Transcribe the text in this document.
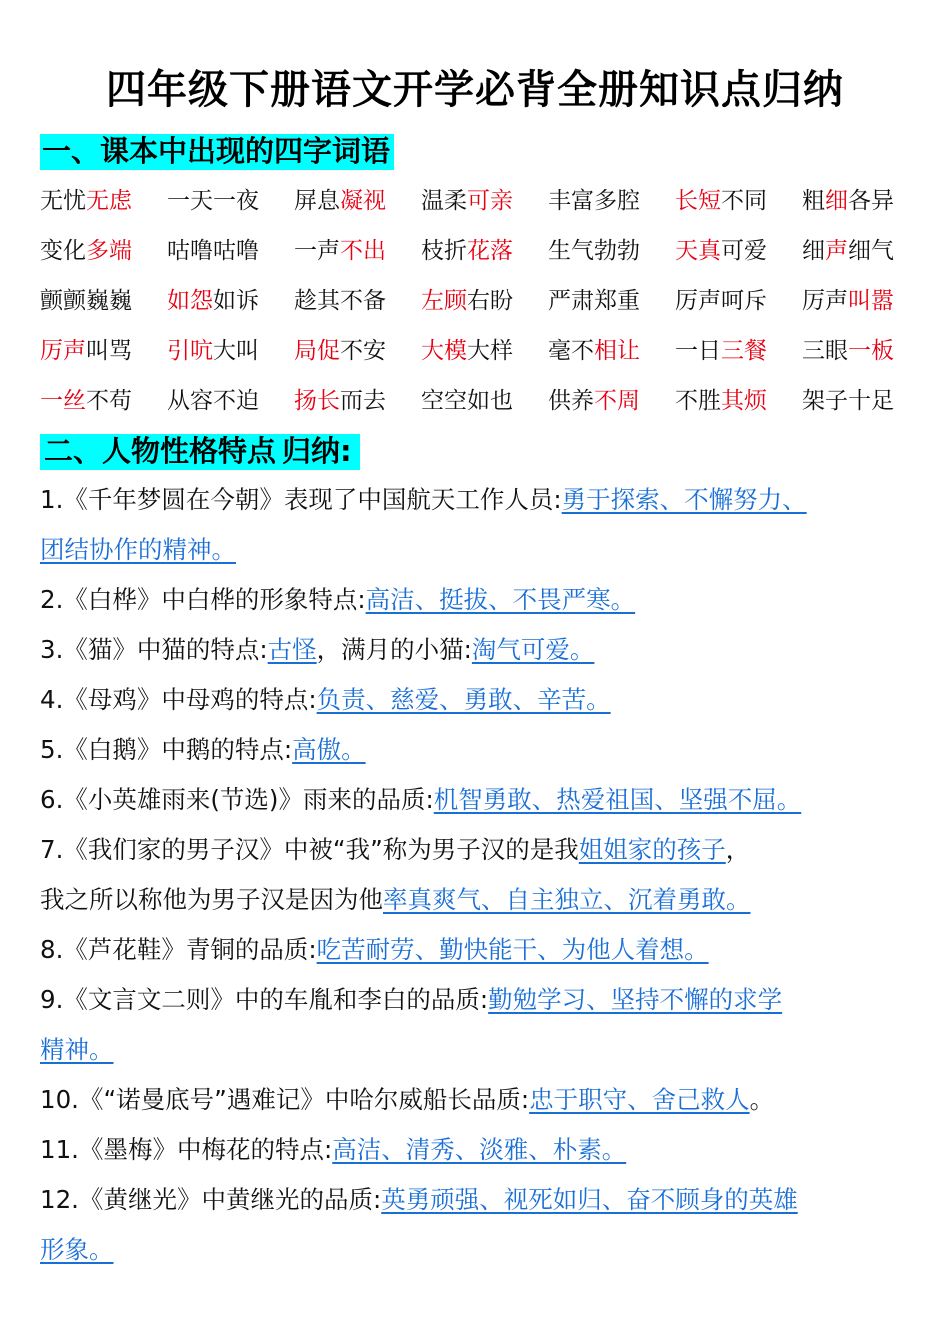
四年级下册语文开学必背全册知识点归纳
一、课本中出现的四字词语
无忧无虑 一天一夜 屏息凝视 温柔可亲 丰富多腔 长短不同 粗细各异
变化多端 咕噜咕噜 一声不出 枝折花落 生气勃勃 天真可爱 细声细气
颤颤巍巍 如怨如诉 趁其不备 左顾右盼 严肃郑重 厉声呵斥 厉声叫嚣
厉声叫骂 引吭大叫 局促不安 大模大样 毫不相让 一日三餐 三眼一板
一丝不苟 从容不迫 扬长而去 空空如也 供养不周 不胜其烦 架子十足
二、人物性格特点 归纳:
1.《千年梦圆在今朝》表现了中国航天工作人员:勇于探索、不懈努力、
团结协作的精神。
2.《白桦》中白桦的形象特点:高洁、挺拔、不畏严寒。
3.《猫》中猫的特点:古怪，满月的小猫:淘气可爱。
4.《母鸡》中母鸡的特点:负责、慈爱、勇敢、辛苦。
5.《白鹅》中鹅的特点:高傲。
6.《小英雄雨来(节选)》雨来的品质:机智勇敢、热爱祖国、坚强不屈。
7.《我们家的男子汉》中被“我”称为男子汉的是我姐姐家的孩子，
我之所以称他为男子汉是因为他率真爽气、自主独立、沉着勇敢。
8.《芦花鞋》青铜的品质:吃苦耐劳、勤快能干、为他人着想。
9.《文言文二则》中的车胤和李白的品质:勤勉学习、坚持不懈的求学
精神。
10.《“诺曼底号”遇难记》中哈尔威船长品质:忠于职守、舍己救人。
11.《墨梅》中梅花的特点:高洁、清秀、淡雅、朴素。
12.《黄继光》中黄继光的品质:英勇顽强、视死如归、奋不顾身的英雄
形象。
